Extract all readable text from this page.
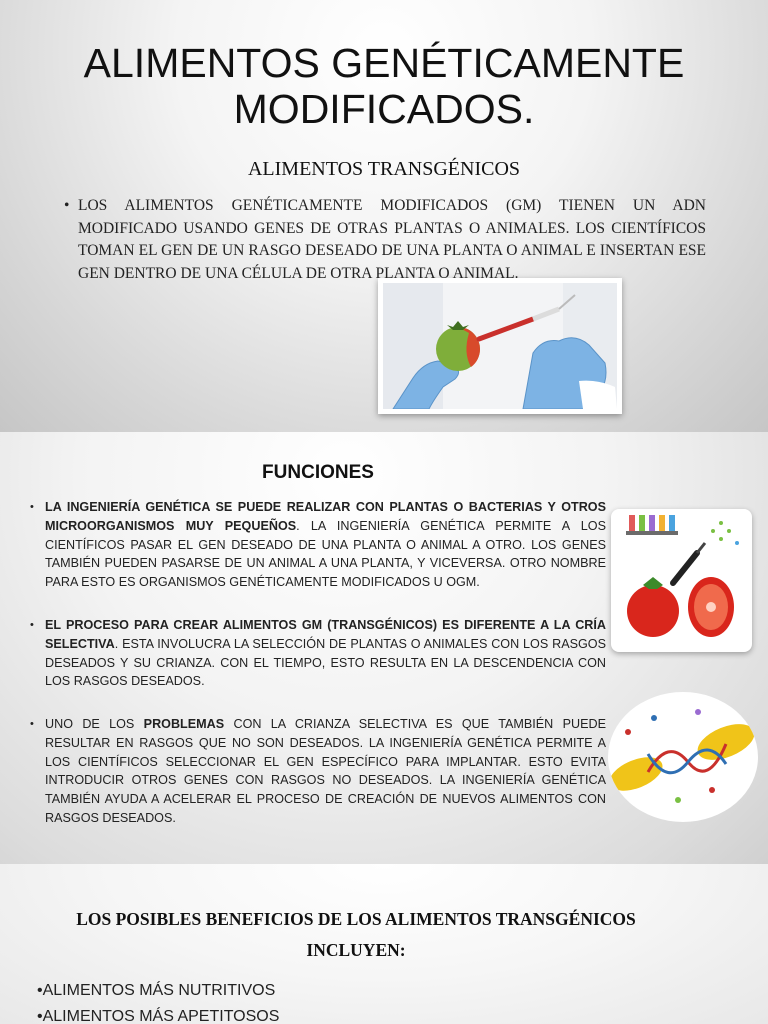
ALIMENTOS GENÉTICAMENTE
MODIFICADOS.
ALIMENTOS TRANSGÉNICOS
• LOS ALIMENTOS GENÉTICAMENTE MODIFICADOS (GM) TIENEN UN ADN MODIFICADO USANDO GENES DE OTRAS PLANTAS O ANIMALES. LOS CIENTÍFICOS TOMAN EL GEN DE UN RASGO DESEADO DE UNA PLANTA O ANIMAL E INSERTAN ESE GEN DENTRO DE UNA CÉLULA DE OTRA PLANTA O ANIMAL.
FUNCIONES
• LA INGENIERÍA GENÉTICA SE PUEDE REALIZAR CON PLANTAS O BACTERIAS Y OTROS MICROORGANISMOS MUY PEQUEÑOS. LA INGENIERÍA GENÉTICA PERMITE A LOS CIENTÍFICOS PASAR EL GEN DESEADO DE UNA PLANTA O ANIMAL A OTRO. LOS GENES TAMBIÉN PUEDEN PASARSE DE UN ANIMAL A UNA PLANTA, Y VICEVERSA. OTRO NOMBRE PARA ESTO ES ORGANISMOS GENÉTICAMENTE MODIFICADOS U OGM.
• EL PROCESO PARA CREAR ALIMENTOS GM (TRANSGÉNICOS) ES DIFERENTE A LA CRÍA SELECTIVA. ESTA INVOLUCRA LA SELECCIÓN DE PLANTAS O ANIMALES CON LOS RASGOS DESEADOS Y SU CRIANZA. CON EL TIEMPO, ESTO RESULTA EN LA DESCENDENCIA CON LOS RASGOS DESEADOS.
• UNO DE LOS PROBLEMAS CON LA CRIANZA SELECTIVA ES QUE TAMBIÉN PUEDE RESULTAR EN RASGOS QUE NO SON DESEADOS. LA INGENIERÍA GENÉTICA PERMITE A LOS CIENTÍFICOS SELECCIONAR EL GEN ESPECÍFICO PARA IMPLANTAR. ESTO EVITA INTRODUCIR OTROS GENES CON RASGOS NO DESEADOS. LA INGENIERÍA GENÉTICA TAMBIÉN AYUDA A ACELERAR EL PROCESO DE CREACIÓN DE NUEVOS ALIMENTOS CON RASGOS DESEADOS.
LOS POSIBLES BENEFICIOS DE LOS ALIMENTOS TRANSGÉNICOS INCLUYEN:
•ALIMENTOS MÁS NUTRITIVOS
•ALIMENTOS MÁS APETITOSOS
